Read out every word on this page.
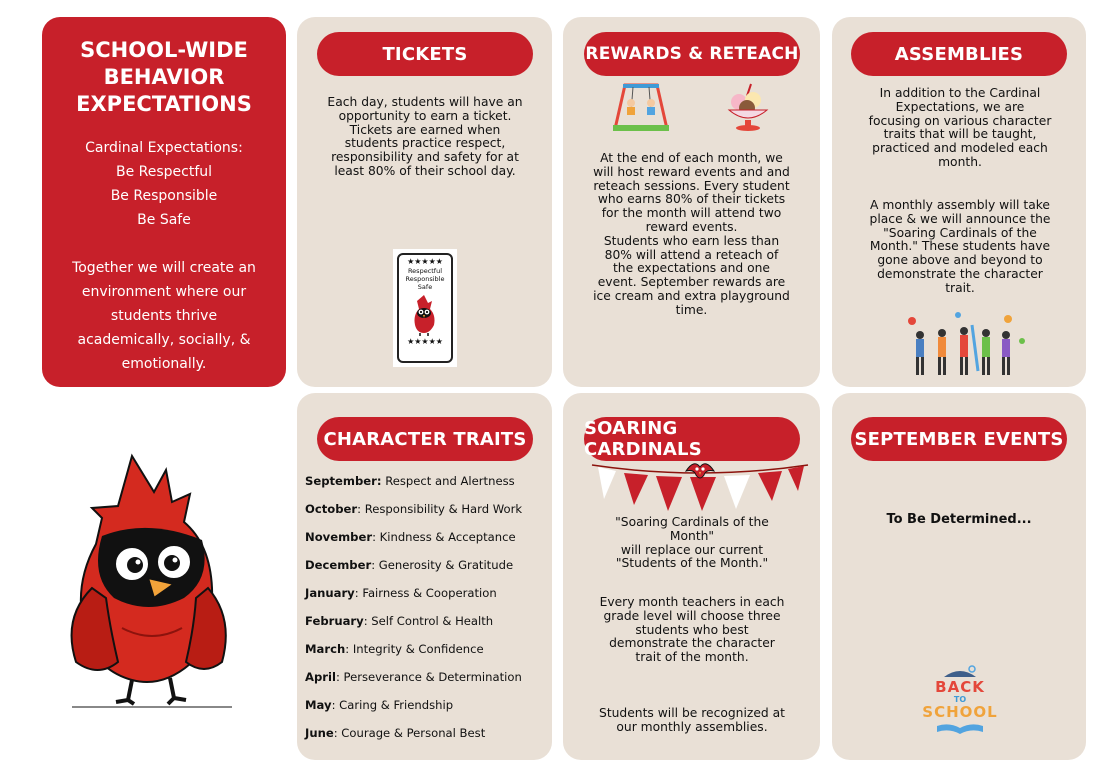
SCHOOL-WIDE BEHAVIOR EXPECTATIONS
Cardinal Expectations:
Be Respectful
Be Responsible
Be Safe
Together we will create an environment where our students thrive academically, socially, & emotionally.
TICKETS
Each day, students will have an opportunity to earn a ticket. Tickets are earned when students practice respect, responsibility and safety for at least 80% of their school day.
★★★★★
Respectful
Responsible
Safe
★★★★★
REWARDS & RETEACH
At the end of each month, we will host reward events and and reteach sessions. Every student who earns 80% of their tickets for the month will attend two reward events.
Students who earn less than 80% will attend a reteach of the expectations and one event. September rewards are ice cream and extra playground time.
ASSEMBLIES
In addition to the Cardinal Expectations, we are focusing on various character traits that will be taught, practiced and modeled each month.
A monthly assembly will take place & we will announce the "Soaring Cardinals of the Month." These students have gone above and beyond to demonstrate the character trait.
CHARACTER TRAITS
September: Respect and Alertness
October: Responsibility & Hard Work
November: Kindness & Acceptance
December: Generosity & Gratitude
January: Fairness & Cooperation
February: Self Control & Health
March: Integrity & Confidence
April: Perseverance & Determination
May: Caring & Friendship
June: Courage & Personal Best
SOARING CARDINALS
"Soaring Cardinals of the Month"
will replace our current "Students of the Month."
Every month teachers in each grade level will choose three students who best demonstrate the character trait of the month.
Students will be recognized at our monthly assemblies.
SEPTEMBER EVENTS
To Be Determined...
BACK
TO
SCHOOL
